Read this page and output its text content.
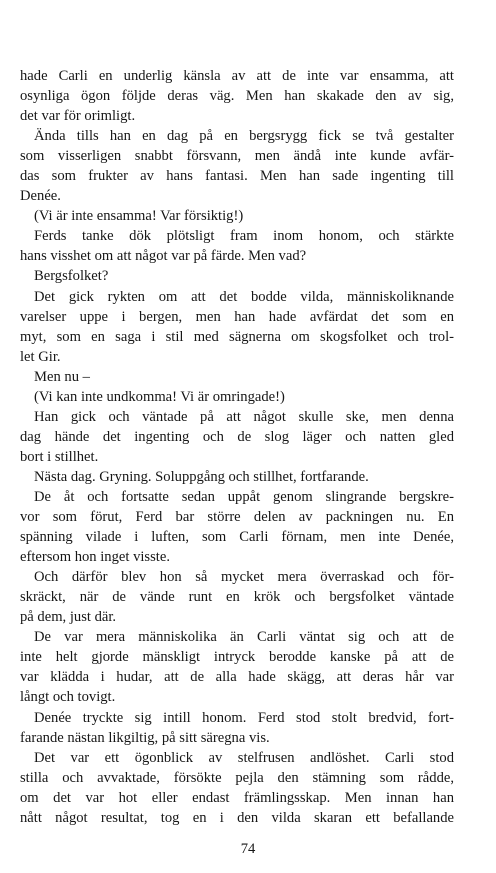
hade Carli en underlig känsla av att de inte var ensamma, att
osynliga ögon följde deras väg. Men han skakade den av sig,
det var för orimligt.
Ända tills han en dag på en bergsrygg fick se två gestalter
som visserligen snabbt försvann, men ändå inte kunde avfär-
das som frukter av hans fantasi. Men han sade ingenting till
Denée.
(Vi är inte ensamma! Var försiktig!)
Ferds tanke dök plötsligt fram inom honom, och stärkte
hans visshet om att något var på färde. Men vad?
Bergsfolket?
Det gick rykten om att det bodde vilda, människoliknande
varelser uppe i bergen, men han hade avfärdat det som en
myt, som en saga i stil med sägnerna om skogsfolket och trol-
let Gir.
Men nu –
(Vi kan inte undkomma! Vi är omringade!)
Han gick och väntade på att något skulle ske, men denna
dag hände det ingenting och de slog läger och natten gled
bort i stillhet.
Nästa dag. Gryning. Soluppgång och stillhet, fortfarande.
De åt och fortsatte sedan uppåt genom slingrande bergskre-
vor som förut, Ferd bar större delen av packningen nu. En
spänning vilade i luften, som Carli förnam, men inte Denée,
eftersom hon inget visste.
Och därför blev hon så mycket mera överraskad och för-
skräckt, när de vände runt en krök och bergsfolket väntade
på dem, just där.
De var mera människolika än Carli väntat sig och att de
inte helt gjorde mänskligt intryck berodde kanske på att de
var klädda i hudar, att de alla hade skägg, att deras hår var
långt och tovigt.
Denée tryckte sig intill honom. Ferd stod stolt bredvid, fort-
farande nästan likgiltig, på sitt säregna vis.
Det var ett ögonblick av stelfrusen andlöshet. Carli stod
stilla och avvaktade, försökte pejla den stämning som rådde,
om det var hot eller endast främlingsskap. Men innan han
nått något resultat, tog en i den vilda skaran ett befallande
74
